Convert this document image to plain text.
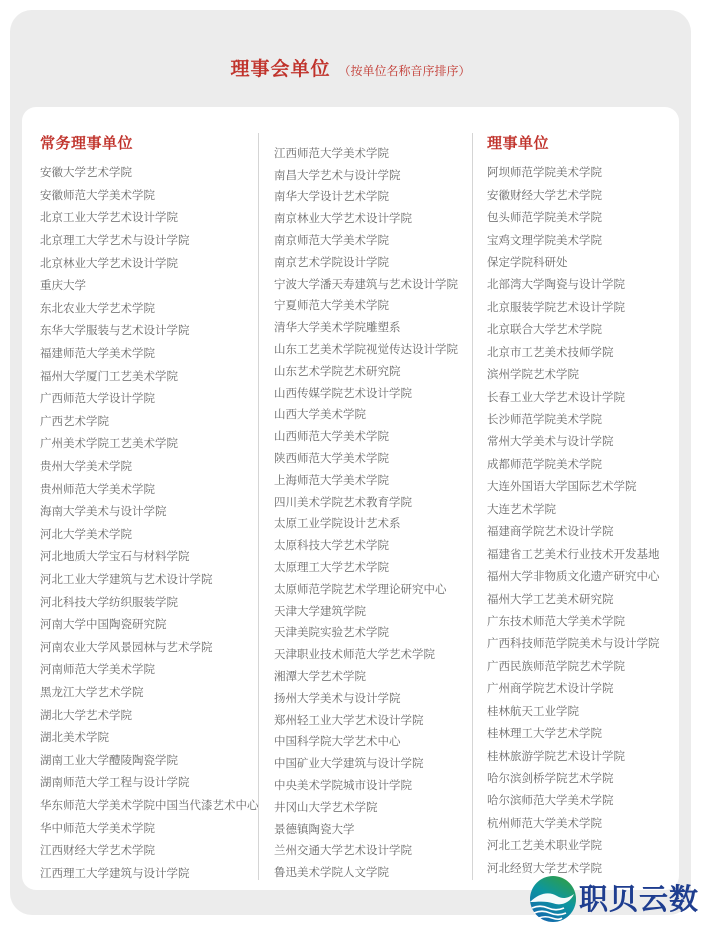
理事会单位 （按单位名称音序排序）
常务理事单位
安徽大学艺术学院
安徽师范大学美术学院
北京工业大学艺术设计学院
北京理工大学艺术与设计学院
北京林业大学艺术设计学院
重庆大学
东北农业大学艺术学院
东华大学服装与艺术设计学院
福建师范大学美术学院
福州大学厦门工艺美术学院
广西师范大学设计学院
广西艺术学院
广州美术学院工艺美术学院
贵州大学美术学院
贵州师范大学美术学院
海南大学美术与设计学院
河北大学美术学院
河北地质大学宝石与材料学院
河北工业大学建筑与艺术设计学院
河北科技大学纺织服装学院
河南大学中国陶瓷研究院
河南农业大学风景园林与艺术学院
河南师范大学美术学院
黑龙江大学艺术学院
湖北大学艺术学院
湖北美术学院
湖南工业大学醴陵陶瓷学院
湖南师范大学工程与设计学院
华东师范大学美术学院中国当代漆艺术中心
华中师范大学美术学院
江西财经大学艺术学院
江西理工大学建筑与设计学院
江西师范大学美术学院
南昌大学艺术与设计学院
南华大学设计艺术学院
南京林业大学艺术设计学院
南京师范大学美术学院
南京艺术学院设计学院
宁波大学潘天寿建筑与艺术设计学院
宁夏师范大学美术学院
清华大学美术学院雕塑系
山东工艺美术学院视觉传达设计学院
山东艺术学院艺术研究院
山西传媒学院艺术设计学院
山西大学美术学院
山西师范大学美术学院
陕西师范大学美术学院
上海师范大学美术学院
四川美术学院艺术教育学院
太原工业学院设计艺术系
太原科技大学艺术学院
太原理工大学艺术学院
太原师范学院艺术学理论研究中心
天津大学建筑学院
天津美院实验艺术学院
天津职业技术师范大学艺术学院
湘潭大学艺术学院
扬州大学美术与设计学院
郑州轻工业大学艺术设计学院
中国科学院大学艺术中心
中国矿业大学建筑与设计学院
中央美术学院城市设计学院
井冈山大学艺术学院
景德镇陶瓷大学
兰州交通大学艺术设计学院
鲁迅美术学院人文学院
理事单位
阿坝师范学院美术学院
安徽财经大学艺术学院
包头师范学院美术学院
宝鸡文理学院美术学院
保定学院科研处
北部湾大学陶瓷与设计学院
北京服装学院艺术设计学院
北京联合大学艺术学院
北京市工艺美术技师学院
滨州学院艺术学院
长春工业大学艺术设计学院
长沙师范学院美术学院
常州大学美术与设计学院
成都师范学院美术学院
大连外国语大学国际艺术学院
大连艺术学院
福建商学院艺术设计学院
福建省工艺美术行业技术开发基地
福州大学非物质文化遗产研究中心
福州大学工艺美术研究院
广东技术师范大学美术学院
广西科技师范学院美术与设计学院
广西民族师范学院艺术学院
广州商学院艺术设计学院
桂林航天工业学院
桂林理工大学艺术学院
桂林旅游学院艺术设计学院
哈尔滨剑桥学院艺术学院
哈尔滨师范大学美术学院
杭州师范大学美术学院
河北工艺美术职业学院
河北经贸大学艺术学院
职贝云数
